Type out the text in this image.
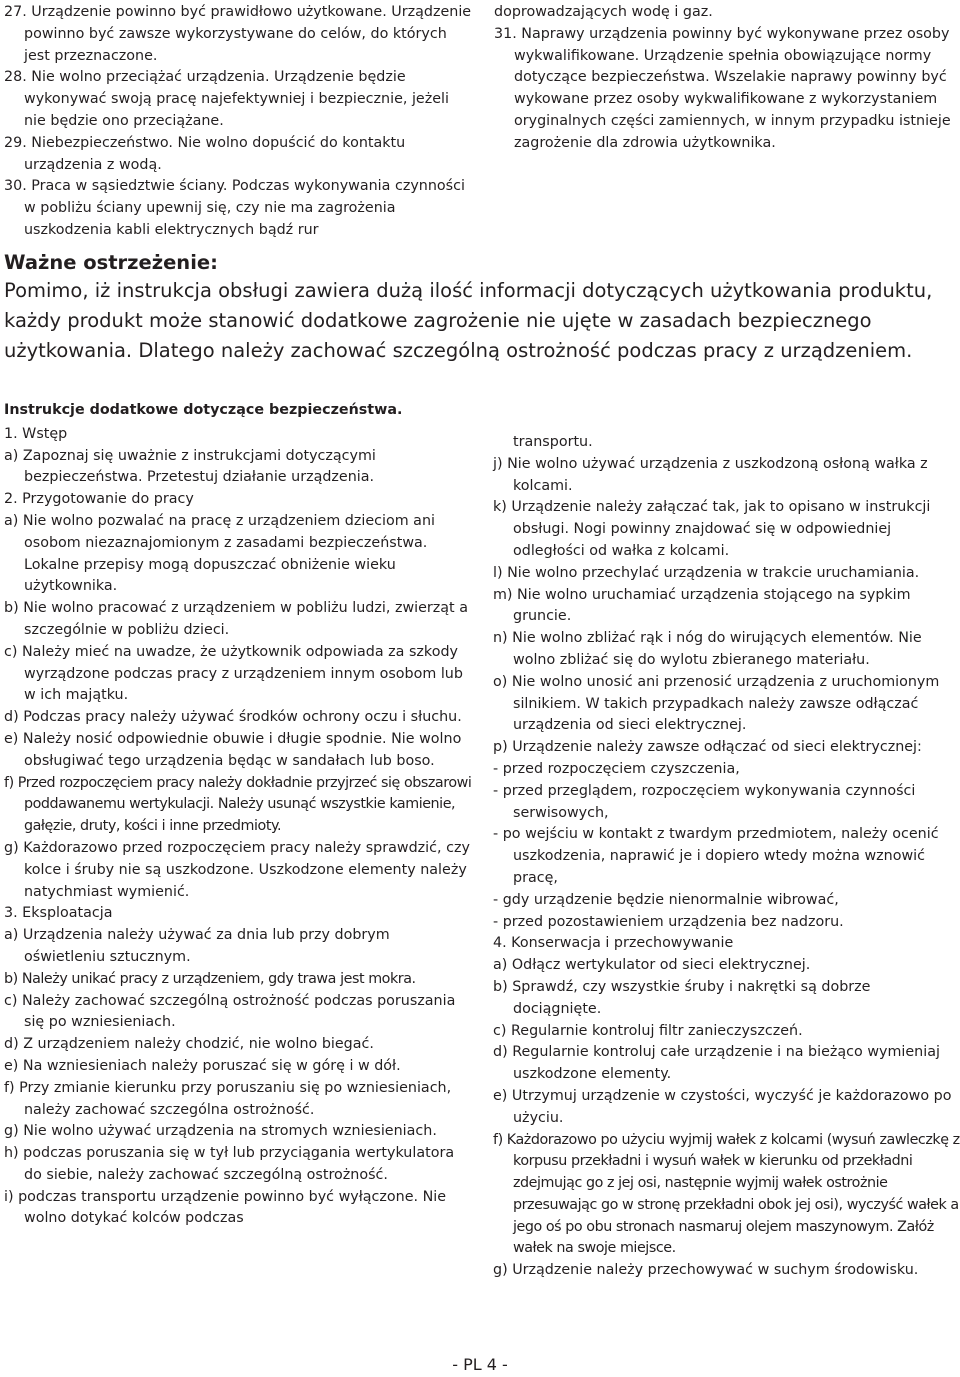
27. Urządzenie powinno być prawidłowo użytkowane. Urządzenie powinno być zawsze wykorzystywane do celów, do których jest przeznaczone.

28. Nie wolno przeciążać urządzenia. Urządzenie będzie wykonywać swoją pracę najefektywniej i bezpiecznie, jeżeli nie będzie ono przeciążane.

29. Niebezpieczeństwo. Nie wolno dopuścić do kontaktu urządzenia z wodą.

30. Praca w sąsiedztwie ściany. Podczas wykonywania czynności w pobliżu ściany upewnij się, czy nie ma zagrożenia uszkodzenia kabli elektrycznych bądź rur

doprowadzających wodę i gaz.

31. Naprawy urządzenia powinny być wykonywane przez osoby wykwalifikowane. Urządzenie spełnia obowiązujące normy dotyczące bezpieczeństwa. Wszelakie naprawy powinny być wykowane przez osoby wykwalifikowane z wykorzystaniem oryginalnych części zamiennych, w innym przypadku istnieje zagrożenie dla zdrowia użytkownika.

Ważne ostrzeżenie:

Pomimo, iż instrukcja obsługi zawiera dużą ilość informacji dotyczących użytkowania produktu, każdy produkt może stanowić dodatkowe zagrożenie nie ujęte w zasadach bezpiecznego użytkowania. Dlatego należy zachować szczególną ostrożność podczas pracy z urządzeniem.

Instrukcje dodatkowe dotyczące bezpieczeństwa.

1. Wstęp

a) Zapoznaj się uważnie z instrukcjami dotyczącymi bezpieczeństwa. Przetestuj działanie urządzenia.

2. Przygotowanie do pracy

a) Nie wolno pozwalać na pracę z urządzeniem dzieciom ani osobom niezaznajomionym z zasadami bezpieczeństwa. Lokalne przepisy mogą dopuszczać obniżenie wieku użytkownika.

b) Nie wolno pracować z urządzeniem w pobliżu ludzi, zwierząt a szczególnie w pobliżu dzieci.

c) Należy mieć na uwadze, że użytkownik odpowiada za szkody wyrządzone podczas pracy z urządzeniem innym osobom lub w ich majątku.

d) Podczas pracy należy używać środków ochrony oczu i słuchu.

e) Należy nosić odpowiednie obuwie i długie spodnie. Nie wolno obsługiwać tego urządzenia będąc w sandałach lub boso.

f) Przed rozpoczęciem pracy należy dokładnie przyjrzeć się obszarowi poddawanemu wertykulacji. Należy usunąć wszystkie kamienie, gałęzie, druty, kości i inne przedmioty.

g) Każdorazowo przed rozpoczęciem pracy należy sprawdzić, czy kolce i śruby nie są uszkodzone. Uszkodzone elementy należy natychmiast wymienić.

3. Eksploatacja

a) Urządzenia należy używać za dnia lub przy dobrym oświetleniu sztucznym.

b) Należy unikać pracy z urządzeniem, gdy trawa jest mokra.

c) Należy zachować szczególną ostrożność podczas poruszania się po wzniesieniach.

d) Z urządzeniem należy chodzić, nie wolno biegać.

e) Na wzniesieniach należy poruszać się w górę i w dół.

f) Przy zmianie kierunku przy poruszaniu się po wzniesieniach, należy zachować szczególna ostrożność.

g) Nie wolno używać urządzenia na stromych wzniesieniach.

h) podczas poruszania się w tył lub przyciągania wertykulatora do siebie, należy zachować szczególną ostrożność.

i) podczas transportu urządzenie powinno być wyłączone. Nie wolno dotykać kolców podczas

transportu.

j) Nie wolno używać urządzenia z uszkodzoną osłoną wałka z kolcami.

k) Urządzenie należy załączać tak, jak to opisano w instrukcji obsługi. Nogi powinny znajdować się w odpowiedniej odległości od wałka z kolcami.

l) Nie wolno przechylać urządzenia w trakcie uruchamiania.

m) Nie wolno uruchamiać urządzenia stojącego na sypkim gruncie.

n) Nie wolno zbliżać rąk i nóg do wirujących elementów. Nie wolno zbliżać się do wylotu zbieranego materiału.

o) Nie wolno unosić ani przenosić urządzenia z uruchomionym silnikiem. W takich przypadkach należy zawsze odłączać urządzenia od sieci elektrycznej.

p) Urządzenie należy zawsze odłączać od sieci elektrycznej:

- przed rozpoczęciem czyszczenia,

- przed przeglądem, rozpoczęciem wykonywania czynności serwisowych,

- po wejściu w kontakt z twardym przedmiotem, należy ocenić uszkodzenia, naprawić je i dopiero wtedy można wznowić pracę,

- gdy urządzenie będzie nienormalnie wibrować,

- przed pozostawieniem urządzenia bez nadzoru.

4. Konserwacja i przechowywanie

a) Odłącz wertykulator od sieci elektrycznej.

b) Sprawdź, czy wszystkie śruby i nakrętki są dobrze dociągnięte.

c) Regularnie kontroluj filtr zanieczyszczeń.

d) Regularnie kontroluj całe urządzenie i na bieżąco wymieniaj uszkodzone elementy.

e) Utrzymuj urządzenie w czystości, wyczyść je każdorazowo po użyciu.

f) Każdorazowo po użyciu wyjmij wałek z kolcami (wysuń zawleczkę z korpusu przekładni i wysuń wałek w kierunku od przekładni zdejmując go z jej osi, następnie wyjmij wałek ostrożnie przesuwając go w stronę przekładni obok jej osi), wyczyść wałek a jego oś po obu stronach nasmaruj olejem maszynowym. Załóż wałek na swoje miejsce.

g) Urządzenie należy przechowywać w suchym środowisku.

- PL 4 -
